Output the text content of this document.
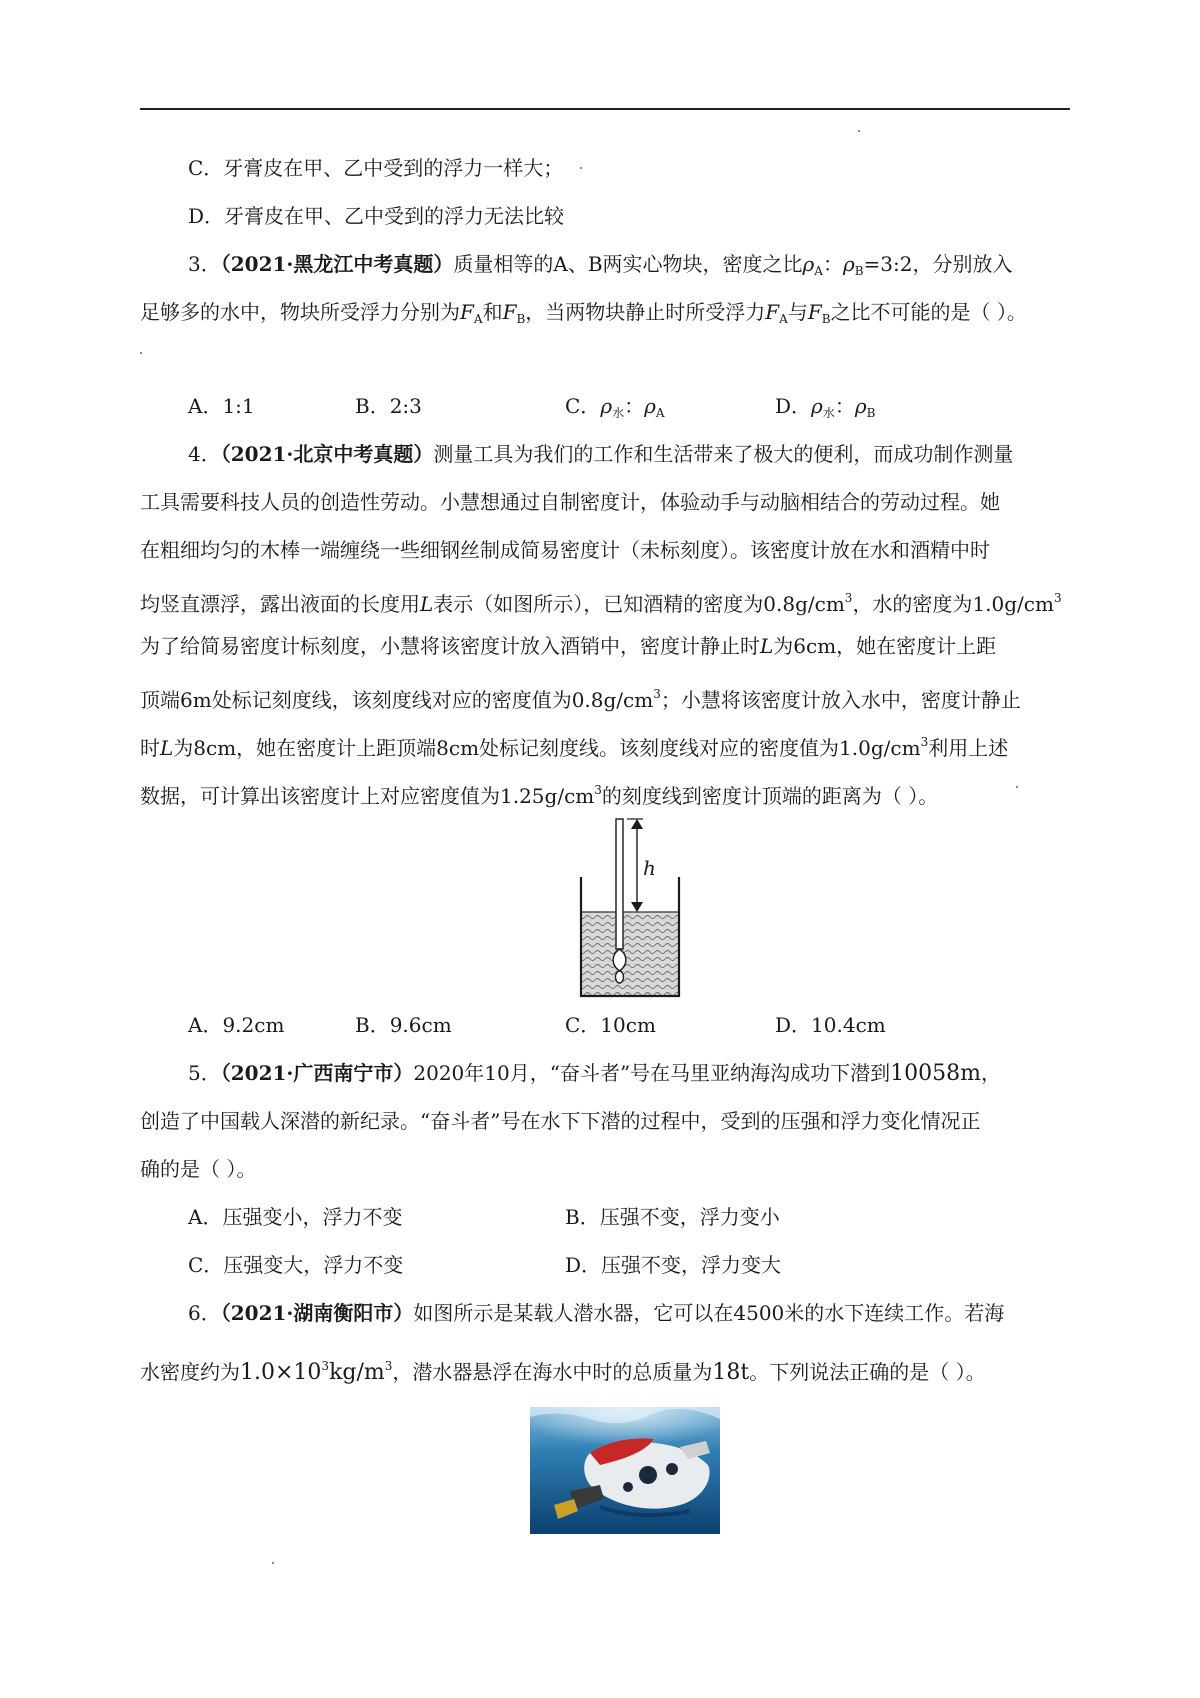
C．牙膏皮在甲、乙中受到的浮力一样大；
D．牙膏皮在甲、乙中受到的浮力无法比较
3．（2021·黑龙江中考真题）质量相等的A、B两实心物块，密度之比$\rho_A$：$\rho_B=3:2$，分别放入
足够多的水中，物块所受浮力分别为$F_A$和$F_B$，当两物块静止时所受浮力$F_A$与$F_B$之比不可能的是（ ）。
A．1:1	B．2:3	C．$\rho_水$：$\rho_A$	D．$\rho_水$：$\rho_B$
4．（2021·北京中考真题）测量工具为我们的工作和生活带来了极大的便利，而成功制作测量
工具需要科技人员的创造性劳动。小慧想通过自制密度计，体验动手与动脑相结合的劳动过程。她
在粗细均匀的木棒一端缠绕一些细钢丝制成简易密度计（未标刻度）。该密度计放在水和酒精中时
均竖直漂浮，露出液面的长度用L表示（如图所示），已知酒精的密度为$0.8g/cm^3$，水的密度为$1.0g/cm^3$
为了给简易密度计标刻度，小慧将该密度计放入酒销中，密度计静止时L为6cm，她在密度计上距
顶端6m处标记刻度线，该刻度线对应的密度值为$0.8g/cm^3$；小慧将该密度计放入水中，密度计静止
时L为8cm，她在密度计上距顶端8cm处标记刻度线。该刻度线对应的密度值为$1.0g/cm^3$利用上述
数据，可计算出该密度计上对应密度值为$1.25g/cm^3$的刻度线到密度计顶端的距离为（ ）。
h
A．9.2cm	B．9.6cm	C．10cm	D．10.4cm
5．（2021·广西南宁市）2020年10月，“奋斗者”号在马里亚纳海沟成功下潜到10058m，
创造了中国载人深潜的新纪录。“奋斗者”号在水下下潜的过程中，受到的压强和浮力变化情况正
确的是（ ）。
A．压强变小，浮力不变	B．压强不变，浮力变小
C．压强变大，浮力不变	D．压强不变，浮力变大
6．（2021·湖南衡阳市）如图所示是某载人潜水器，它可以在4500米的水下连续工作。若海
水密度约为$1.0\times 10^3kg/m^3$，潜水器悬浮在海水中时的总质量为18t。下列说法正确的是（ ）。
